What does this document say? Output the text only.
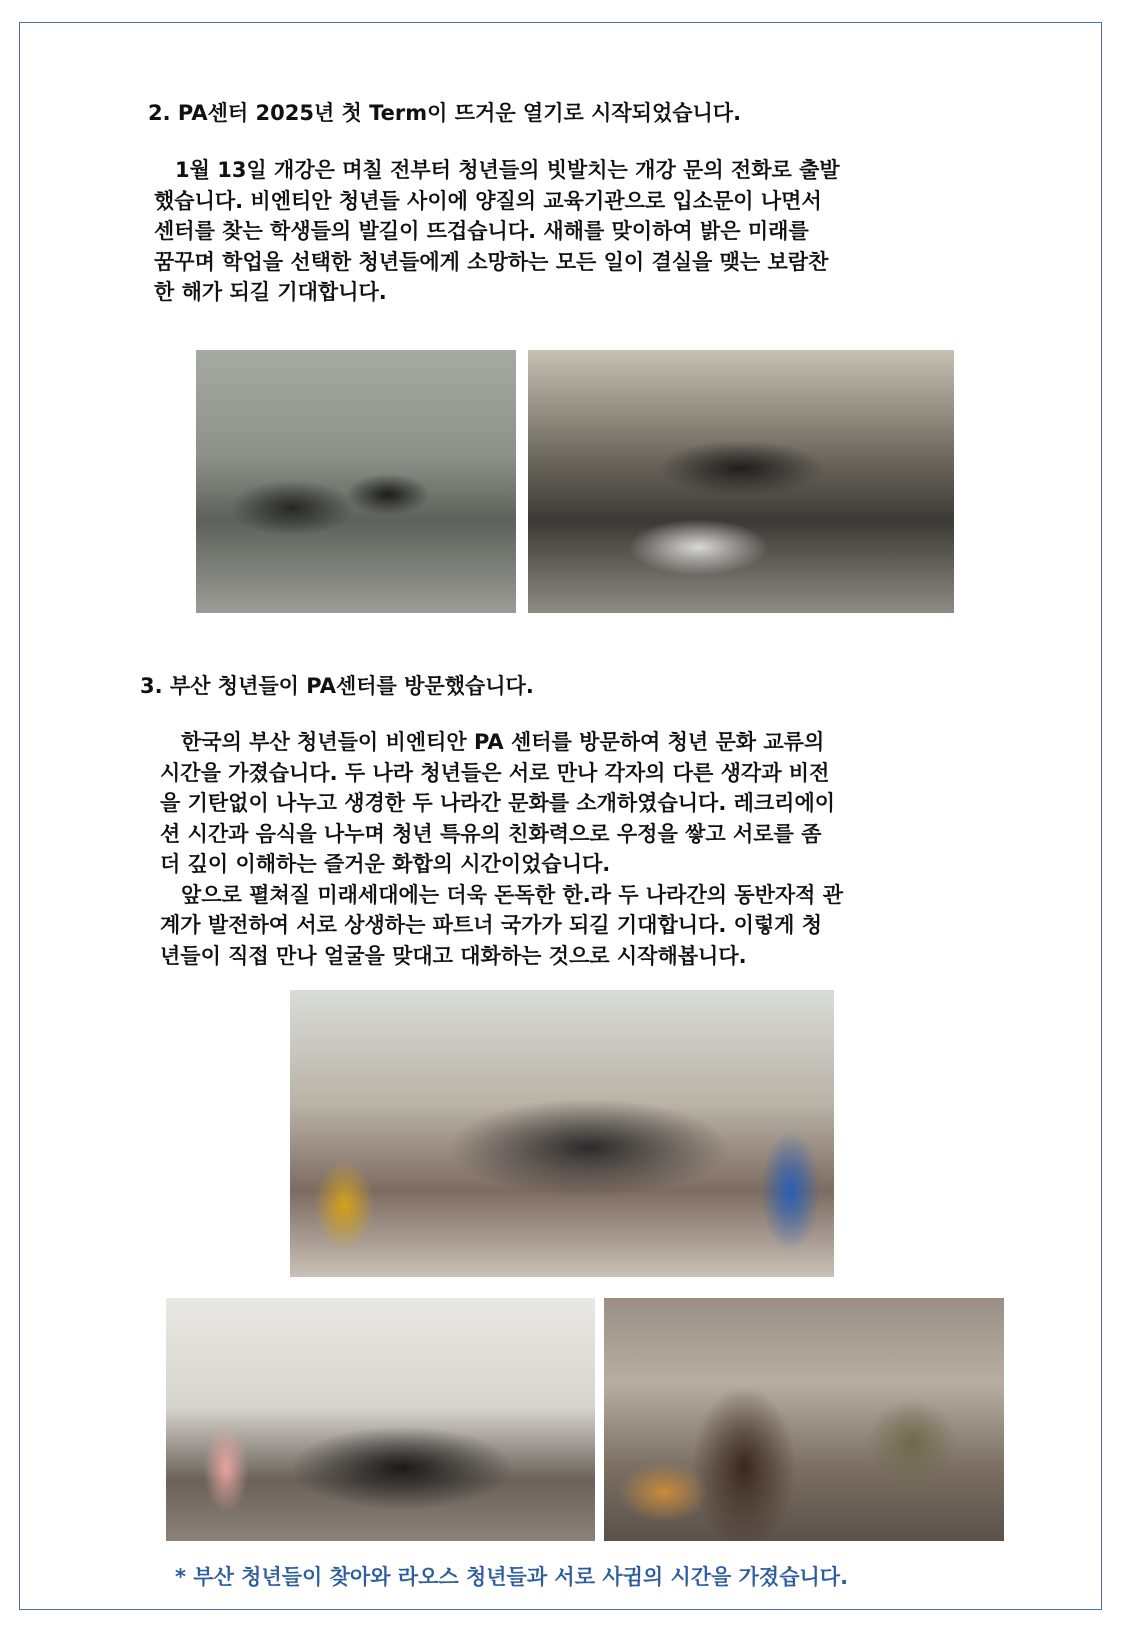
2. PA센터 2025년 첫 Term이 뜨거운 열기로 시작되었습니다.

1월 13일 개강은 며칠 전부터 청년들의 빗발치는 개강 문의 전화로 출발
했습니다. 비엔티안 청년들 사이에 양질의 교육기관으로 입소문이 나면서
센터를 찾는 학생들의 발길이 뜨겁습니다. 새해를 맞이하여 밝은 미래를
꿈꾸며 학업을 선택한 청년들에게 소망하는 모든 일이 결실을 맺는 보람찬
한 해가 되길 기대합니다.

3. 부산 청년들이 PA센터를 방문했습니다.

한국의 부산 청년들이 비엔티안 PA 센터를 방문하여 청년 문화 교류의
시간을 가졌습니다. 두 나라 청년들은 서로 만나 각자의 다른 생각과 비전
을 기탄없이 나누고 생경한 두 나라간 문화를 소개하였습니다. 레크리에이
션 시간과 음식을 나누며 청년 특유의 친화력으로 우정을 쌓고 서로를 좀
더 깊이 이해하는 즐거운 화합의 시간이었습니다.
앞으로 펼쳐질 미래세대에는 더욱 돈독한 한.라 두 나라간의 동반자적 관
계가 발전하여 서로 상생하는 파트너 국가가 되길 기대합니다. 이렇게 청
년들이 직접 만나 얼굴을 맞대고 대화하는 것으로 시작해봅니다.

* 부산 청년들이 찾아와 라오스 청년들과 서로 사귐의 시간을 가졌습니다.
